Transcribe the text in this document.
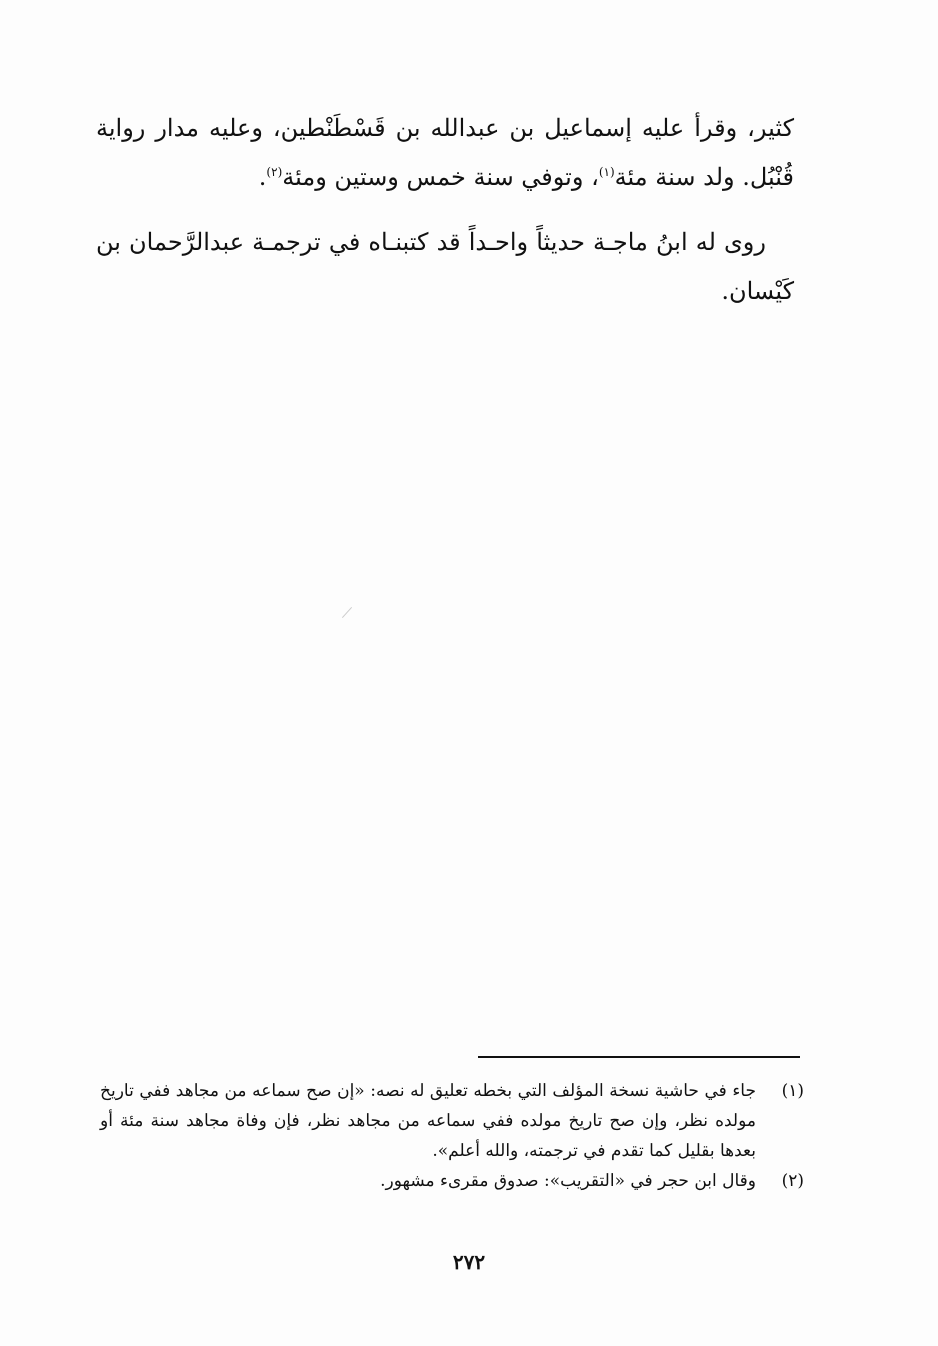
كثير، وقرأ عليه إسماعيل بن عبدالله بن قَسْطَنْطين، وعليه مدار رواية قُنْبُل. ولد سنة مئة$^{(١)}$، وتوفي سنة خمس وستين ومئة$^{(٢)}$.

روى له ابنُ ماجـة حديثاً واحـداً قد كتبنـاه في ترجمـة عبدالرَّحمان بن كَيْسان.

(١)
جاء في حاشية نسخة المؤلف التي بخطه تعليق له نصه: «إن صح سماعه من مجاهد ففي تاريخ مولده نظر، وإن صح تاريخ مولده ففي سماعه من مجاهد نظر، فإن وفاة مجاهد سنة مئة أو بعدها بقليل كما تقدم في ترجمته، والله أعلم».
(٢)
وقال ابن حجر في «التقريب»: صدوق مقرىء مشهور.
٢٧٢
